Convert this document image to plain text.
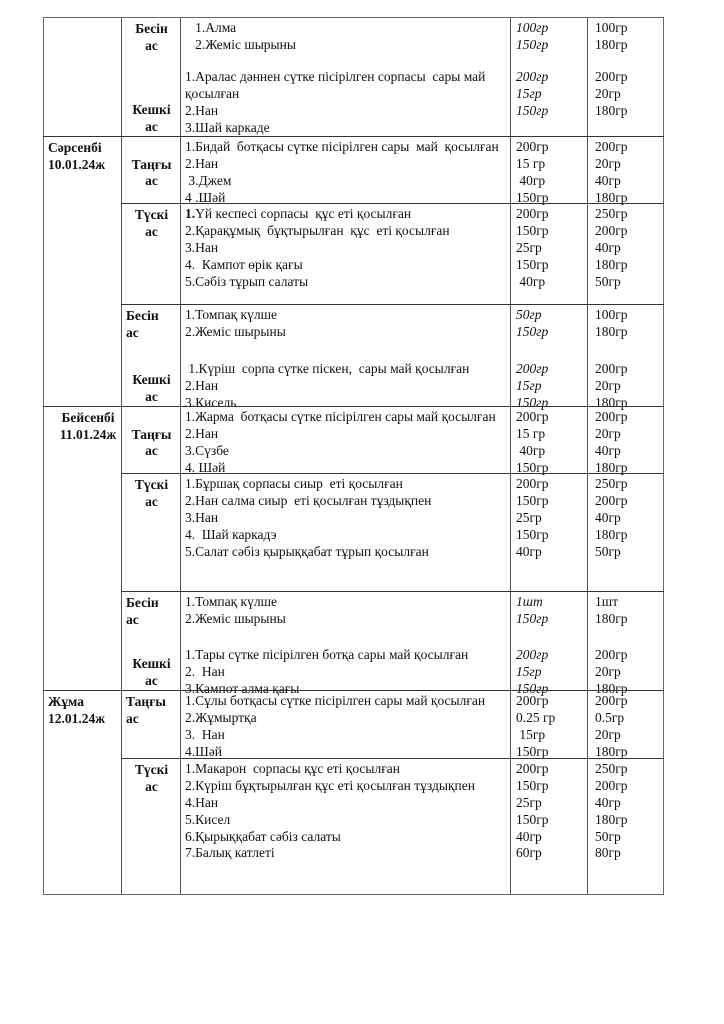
Бесін
ас
1.Алма
2.Жеміс шырыны
100гр
150гр
100гр
180гр
Кешкі
ас
1.Аралас дәннен сүтке пісірілген сорпасы  сары май
қосылған
2.Нан
3.Шай каркаде
200гр
15гр
150гр
200гр
20гр
180гр
Сәрсенбі
10.01.24ж	Таңғы
ас
1.Бидай  ботқасы сүтке пісірілген сары  май  қосылған
2.Нан
3.Джем
4 .Шәй
200гр
15 гр
40гр
150гр
200гр
20гр
40гр
180гр
Түскі
ас
1.Үй кеспесі сорпасы  құс еті қосылған
2.Қарақұмық  бұқтырылған  құс  еті қосылған
3.Нан
4.  Кампот өрік қағы
5.Сәбіз тұрып салаты
200гр
150гр
25гр
150гр
40гр
250гр
200гр
40гр
180гр
50гр
Бесін
ас
1.Томпақ күлше
2.Жеміс шырыны
50гр
150гр
100гр
180гр
Кешкі
ас
1.Күріш  сорпа сүтке піскен,  сары май қосылған
2.Нан
3.Кисель
200гр
15гр
150гр
200гр
20гр
180гр
Бейсенбі
11.01.24ж	Таңғы
ас
1.Жарма  ботқасы сүтке пісірілген сары май қосылған
2.Нан
3.Сүзбе
4. Шәй
200гр
15 гр
40гр
150гр
200гр
20гр
40гр
180гр
Түскі
ас
1.Бұршақ сорпасы сиыр  еті қосылған
2.Нан салма сиыр  еті қосылған тұздықпен
3.Нан
4.  Шай каркадэ
5.Салат сәбіз қырыққабат тұрып қосылған
200гр
150гр
25гр
150гр
40гр
250гр
200гр
40гр
180гр
50гр
Бесін
ас
1.Томпақ күлше
2.Жеміс шырыны
1шт
150гр
1шт
180гр
Кешкі
ас
1.Тары сүтке пісірілген ботқа сары май қосылған
2.  Нан
3.Кампот алма қағы
200гр
15гр
150гр
200гр
20гр
180гр
Жұма
12.01.24ж
Таңғы
ас
1.Сұлы ботқасы сүтке пісірілген сары май қосылған
2.Жұмыртқа
3.  Нан
4.Шәй
200гр
0.25 гр
15гр
150гр
200гр
0.5гр
20гр
180гр
Түскі
ас
1.Макарон  сорпасы құс еті қосылған
2.Күріш бұқтырылған құс еті қосылған тұздықпен
4.Нан
5.Кисел
6.Қырыққабат сәбіз салаты
7.Балық катлеті
200гр
150гр
25гр
150гр
40гр
60гр
250гр
200гр
40гр
180гр
50гр
80гр
